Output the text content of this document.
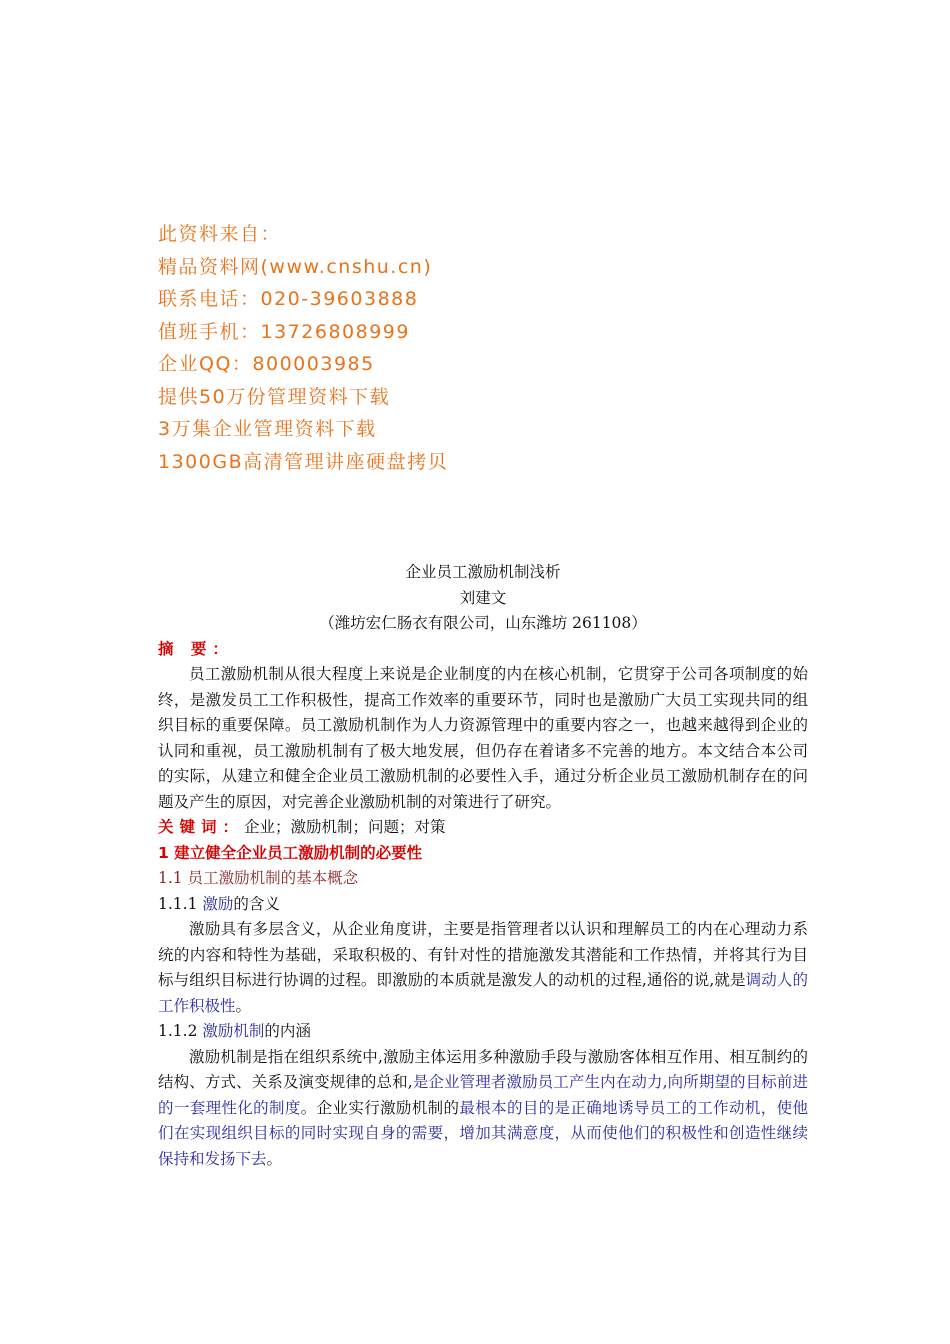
此资料来自：
精品资料网(www.cnshu.cn)
联系电话：020-39603888
值班手机：13726808999
企业QQ：800003985
提供50万份管理资料下载
3万集企业管理资料下载
1300GB高清管理讲座硬盘拷贝

企业员工激励机制浅析

刘建文

（潍坊宏仁肠衣有限公司，山东潍坊 261108）

摘 要：

员工激励机制从很大程度上来说是企业制度的内在核心机制，它贯穿于公司各项制度的始终，是激发员工工作积极性，提高工作效率的重要环节，同时也是激励广大员工实现共同的组织目标的重要保障。员工激励机制作为人力资源管理中的重要内容之一，也越来越得到企业的认同和重视，员工激励机制有了极大地发展，但仍存在着诸多不完善的地方。本文结合本公司的实际，从建立和健全企业员工激励机制的必要性入手，通过分析企业员工激励机制存在的问题及产生的原因，对完善企业激励机制的对策进行了研究。

关键词：企业；激励机制；问题；对策

1 建立健全企业员工激励机制的必要性

1.1 员工激励机制的基本概念

1.1.1 激励的含义

激励具有多层含义，从企业角度讲，主要是指管理者以认识和理解员工的内在心理动力系统的内容和特性为基础，采取积极的、有针对性的措施激发其潜能和工作热情，并将其行为目标与组织目标进行协调的过程。即激励的本质就是激发人的动机的过程,通俗的说,就是调动人的工作积极性。

1.1.2 激励机制的内涵

激励机制是指在组织系统中,激励主体运用多种激励手段与激励客体相互作用、相互制约的结构、方式、关系及演变规律的总和,是企业管理者激励员工产生内在动力,向所期望的目标前进的一套理性化的制度。企业实行激励机制的最根本的目的是正确地诱导员工的工作动机，使他们在实现组织目标的同时实现自身的需要，增加其满意度，从而使他们的积极性和创造性继续保持和发扬下去。
